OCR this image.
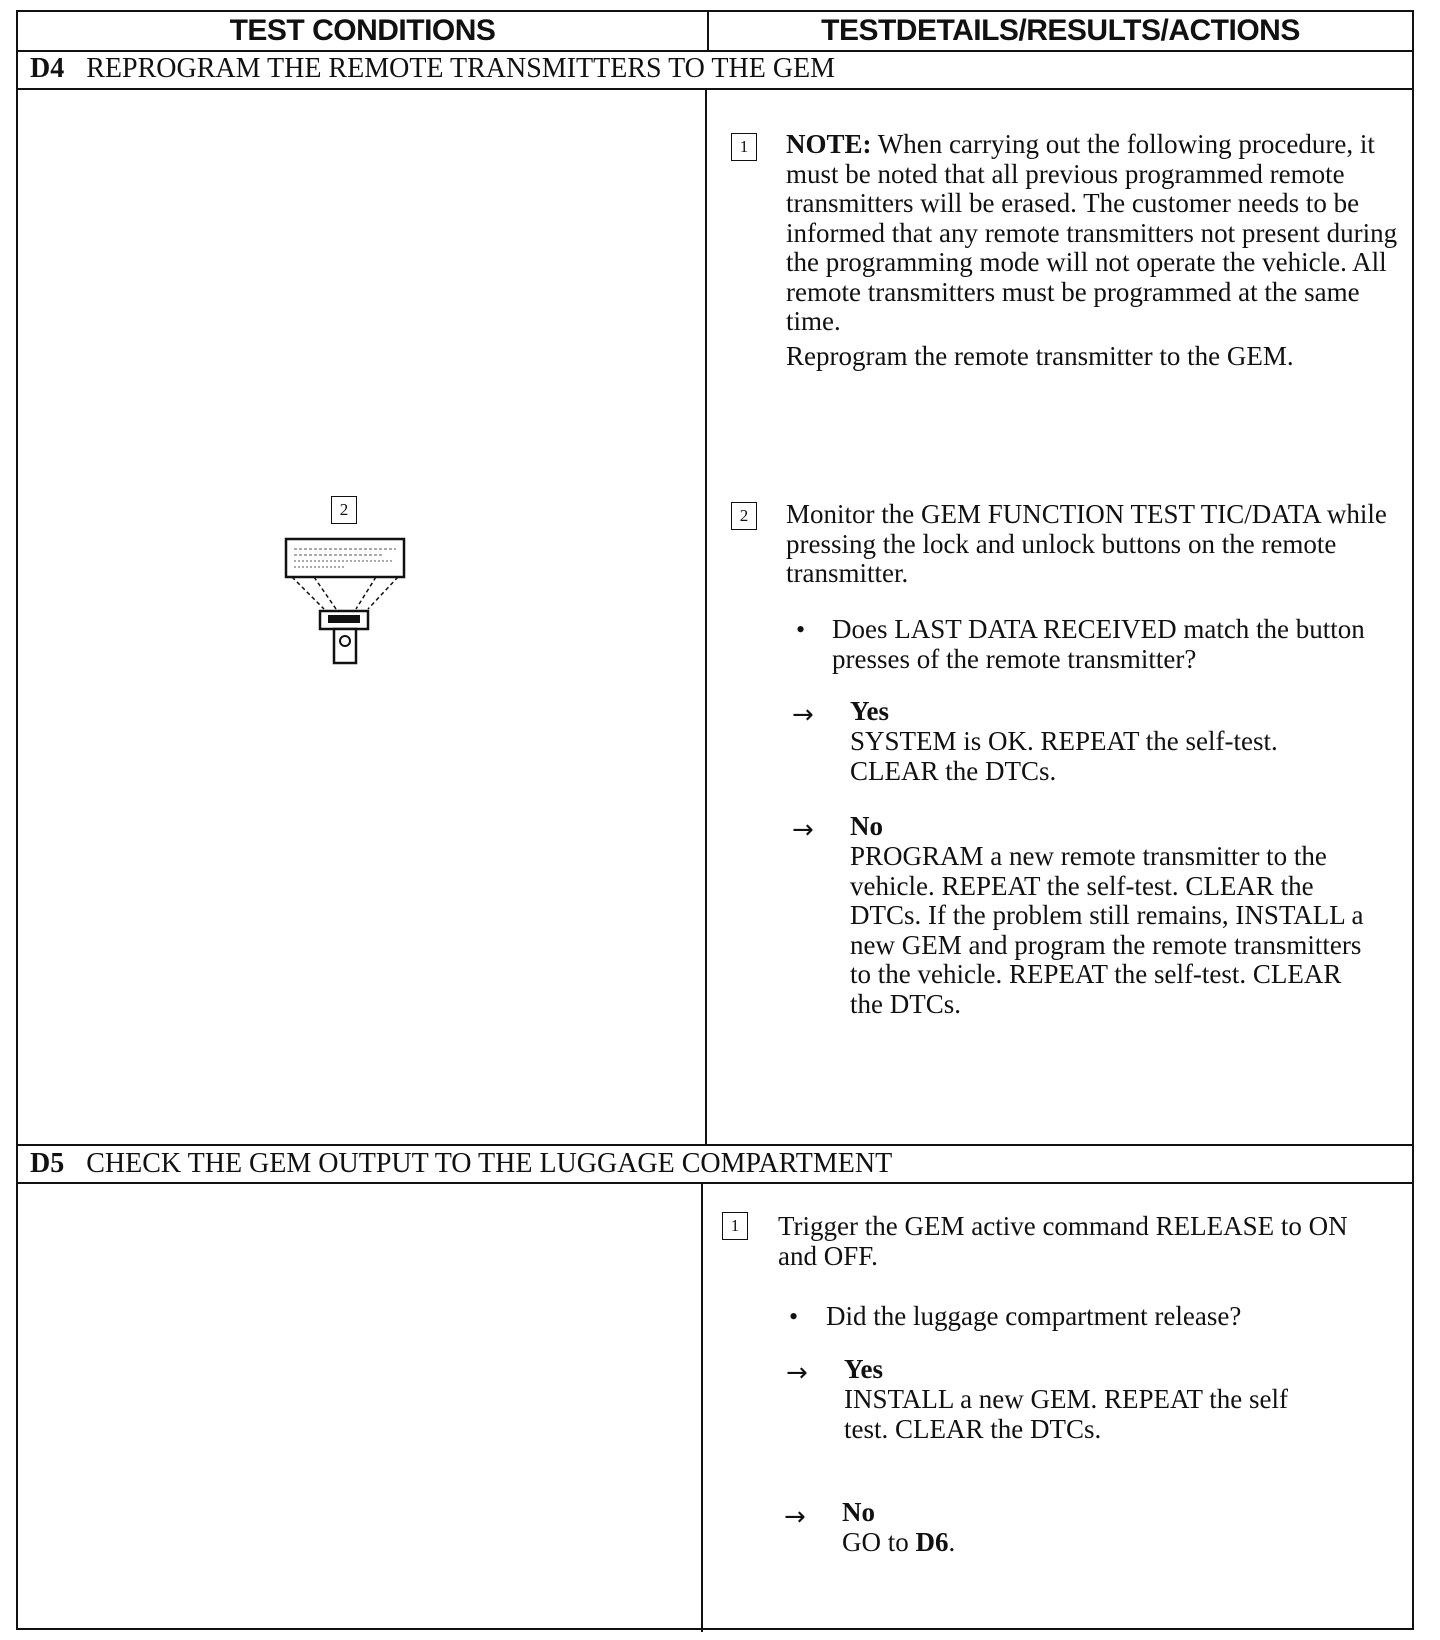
TEST CONDITIONS	TESTDETAILS/RESULTS/ACTIONS
D4 REPROGRAM THE REMOTE TRANSMITTERS TO THE GEM
2
1	NOTE: When carrying out the following procedure, it must be noted that all previous programmed remote transmitters will be erased. The customer needs to be informed that any remote transmitters not present during the programming mode will not operate the vehicle. All remote transmitters must be programmed at the same time.
Reprogram the remote transmitter to the GEM.
2	Monitor the GEM FUNCTION TEST TIC/DATA while pressing the lock and unlock buttons on the remote transmitter.
• Does LAST DATA RECEIVED match the button presses of the remote transmitter?
→ Yes
SYSTEM is OK. REPEAT the self-test. CLEAR the DTCs.
→ No
PROGRAM a new remote transmitter to the vehicle. REPEAT the self-test. CLEAR the DTCs. If the problem still remains, INSTALL a new GEM and program the remote transmitters to the vehicle. REPEAT the self-test. CLEAR the DTCs.
D5 CHECK THE GEM OUTPUT TO THE LUGGAGE COMPARTMENT
1	Trigger the GEM active command RELEASE to ON and OFF.
• Did the luggage compartment release?
→ Yes
INSTALL a new GEM. REPEAT the self test. CLEAR the DTCs.
→ No
GO to D6.
